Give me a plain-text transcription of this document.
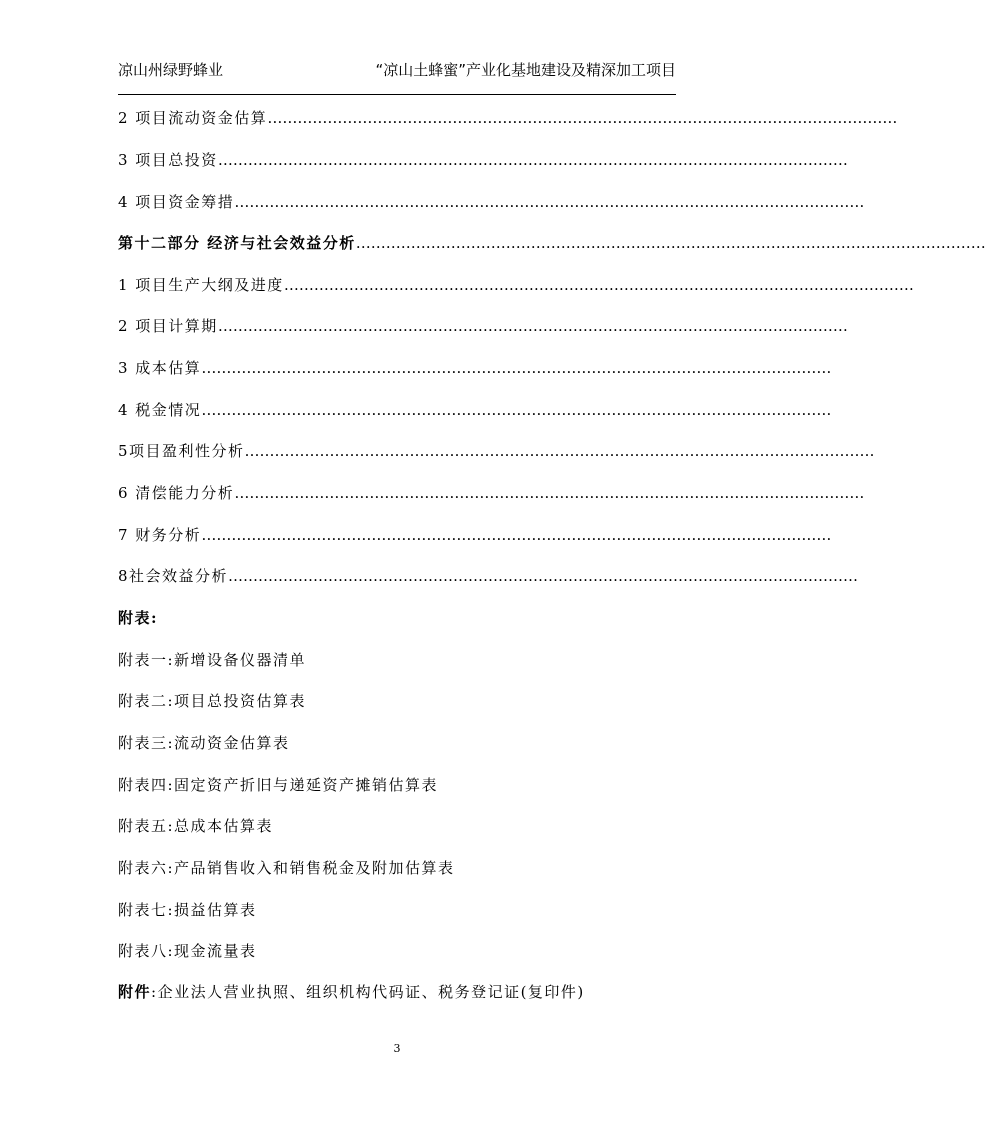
凉山州绿野蜂业	“凉山土蜂蜜”产业化基地建设及精深加工项目
2 项目流动资金估算………………………………………………………………………………………………………………
3 项目总投资………………………………………………………………………………………………………………
4 项目资金筹措………………………………………………………………………………………………………………
第十二部分 经济与社会效益分析………………………………………………………………………………………………………………
1 项目生产大纲及进度………………………………………………………………………………………………………………
2 项目计算期………………………………………………………………………………………………………………
3 成本估算………………………………………………………………………………………………………………
4 税金情况………………………………………………………………………………………………………………
5项目盈利性分析………………………………………………………………………………………………………………
6 清偿能力分析………………………………………………………………………………………………………………
7 财务分析………………………………………………………………………………………………………………
8社会效益分析………………………………………………………………………………………………………………
附表:
附表一:新增设备仪器清单
附表二:项目总投资估算表
附表三:流动资金估算表
附表四:固定资产折旧与递延资产摊销估算表
附表五:总成本估算表
附表六:产品销售收入和销售税金及附加估算表
附表七:损益估算表
附表八:现金流量表
附件:企业法人营业执照、组织机构代码证、税务登记证(复印件)
3
